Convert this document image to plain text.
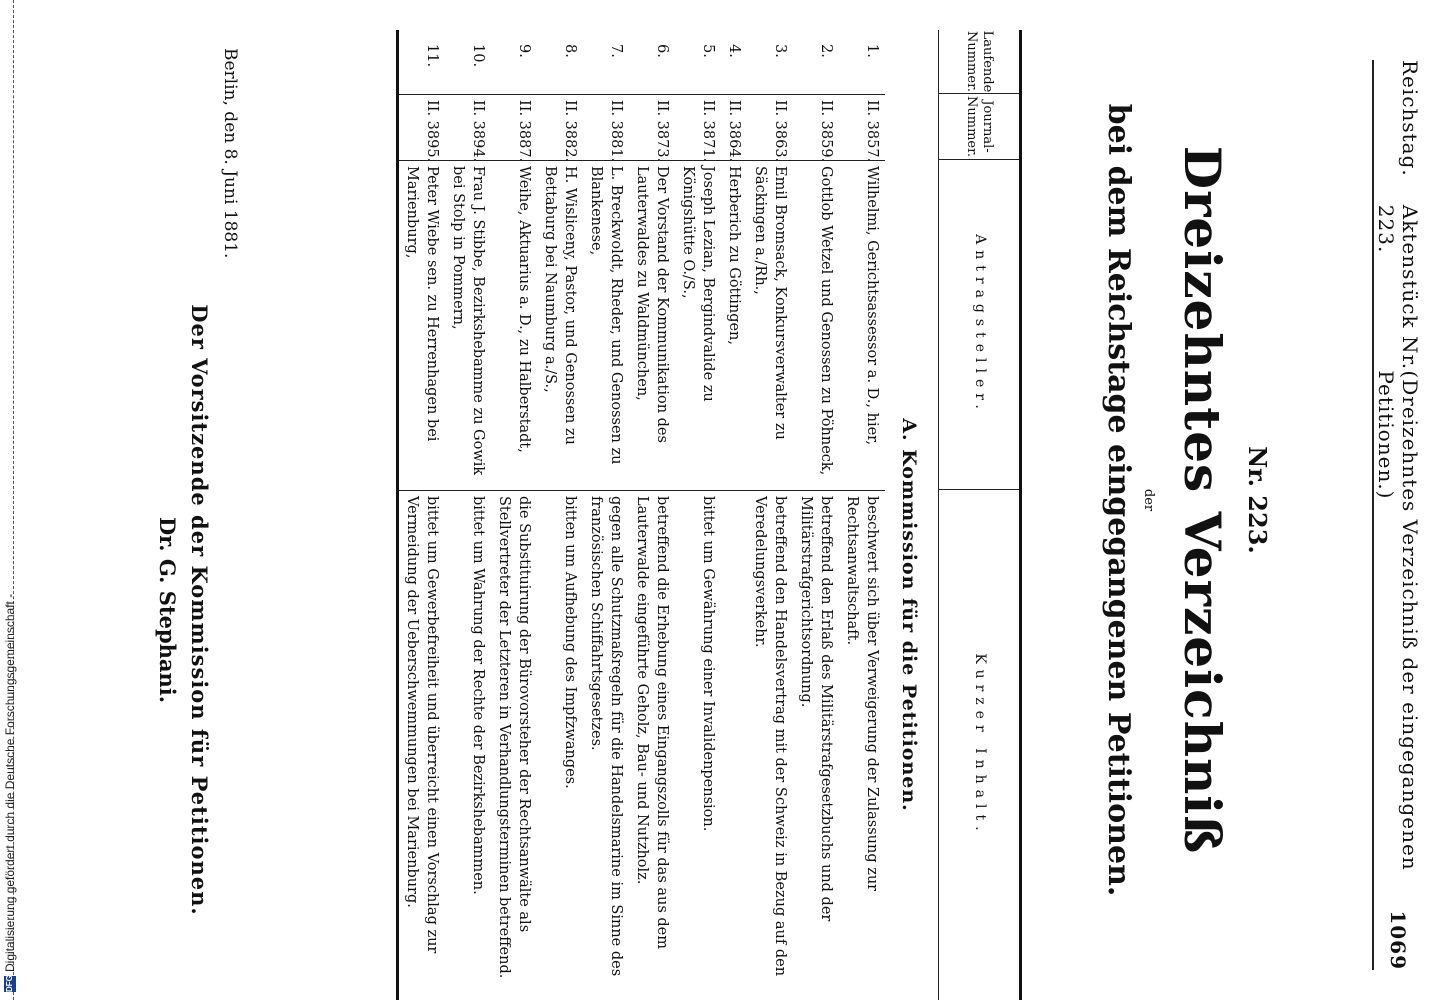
Reichstag.
Aktenstück Nr. 223.
(Dreizehntes Verzeichniß der eingegangenen Petitionen.)
1069
Nr. 223.
Dreizehntes Verzeichniß
der
bei dem Reichstage eingegangenen Petitionen.
Laufende Nummer.
Journal-Nummer.
Antragsteller.
Kurzer Inhalt.
A. Kommission für die Petitionen.
1.
II. 3857.
Wilhelmi, Gerichtsassessor a. D., hier,
beschwert sich über Verweigerung der Zulassung zur Rechtsanwaltschaft.
2.
II. 3859.
Gottlob Wetzel und Genossen zu Pöhneck,
betreffend den Erlaß des Militärstrafgesetzbuchs und der Militärstrafgerichtsordnung.
3.
II. 3863.
Emil Bromsack, Konkursverwalter zu Säckingen a./Rh.,
betreffend den Handelsvertrag mit der Schweiz in Bezug auf den Veredelungsverkehr.
4.
II. 3864.
Herberich zu Göttingen,
5.
II. 3871.
Joseph Lezian, Bergindvalide zu Königshütte O./S.,
bittet um Gewährung einer Invalidenpension.
6.
II. 3873.
Der Vorstand der Kommunikation des Lauterwaldes zu Waldmünchen,
betreffend die Erhebung eines Eingangszolls für das aus dem Lauterwalde eingeführte Geholz, Bau- und Nutzholz.
7.
II. 3881.
L. Breckwoldt, Rheder, und Genossen zu Blankenese,
gegen alle Schutzmaßregeln für die Handelsmarine im Sinne des französischen Schiffahrtsgesetzes.
8.
II. 3882.
H. Wisliceny, Pastor, und Genossen zu Bettaburg bei Naumburg a./S.,
bitten um Aufhebung des Impfzwanges.
9.
II. 3887.
Weihe, Aktuarius a. D., zu Halberstadt,
die Substituirung der Bürovorsteher der Rechtsanwälte als Stellvertreter der Letzteren in Verhandlungsterminen betreffend.
10.
II. 3894.
Frau J. Stibbe, Bezirkshebamme zu Gowik bei Stolp in Pommern,
bittet um Wahrung der Rechte der Bezirkshebammen.
11.
II. 3895.
Peter Wiebe sen. zu Herrenhagen bei Marienburg,
bittet um Gewerbefreiheit und überreicht einen Vorschlag zur Vermeidung der Ueberschwemmungen bei Marienburg.
Berlin, den 8. Juni 1881.
Der Vorsitzende der Kommission für Petitionen.
Dr. G. Stephani.
DFG
Digitalisierung gefördert durch die Deutsche Forschungsgemeinschaft -
